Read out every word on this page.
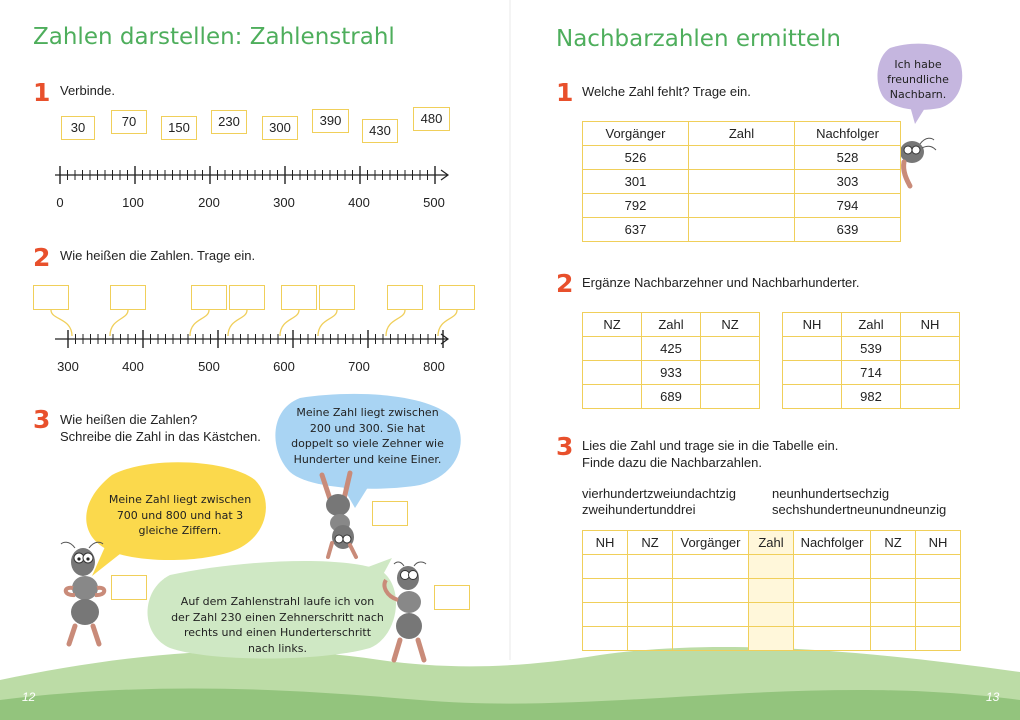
Zahlen darstellen: Zahlenstrahl
1 Verbinde.
30	70	150	230	300	390
430
480
0	100	200	300	400	500
2 Wie heißen die Zahlen. Trage ein.
300	400	500	600	700	800
3 Wie heißen die Zahlen?
Schreibe die Zahl in das Kästchen.
Meine Zahl liegt zwischen
700 und 800 und hat 3
gleiche Ziffern.
Meine Zahl liegt zwischen
200 und 300. Sie hat
doppelt so viele Zehner wie
Hunderter und keine Einer.
Auf dem Zahlenstrahl laufe ich von
der Zahl 230 einen Zehnerschritt nach
rechts und einen Hunderterschritt
nach links.
12
Nachbarzahlen ermitteln
Ich habe
freundliche
Nachbarn.
1 Welche Zahl fehlt? Trage ein.
Vorgänger	Zahl	Nachfolger
526		528
301		303
792		794
637		639
2 Ergänze Nachbarzehner und Nachbarhunderter.
NZ	Zahl	NZ
	425	
	933	
	689	
NH	Zahl	NH
	539	
	714	
	982	
3 Lies die Zahl und trage sie in die Tabelle ein.
Finde dazu die Nachbarzahlen.
vierhundertzweiundachtzig	neunhundertsechzig
zweihundertunddrei	sechshundertneunundneunzig
NH	NZ	Vorgänger	Zahl	Nachfolger	NZ	NH

13
